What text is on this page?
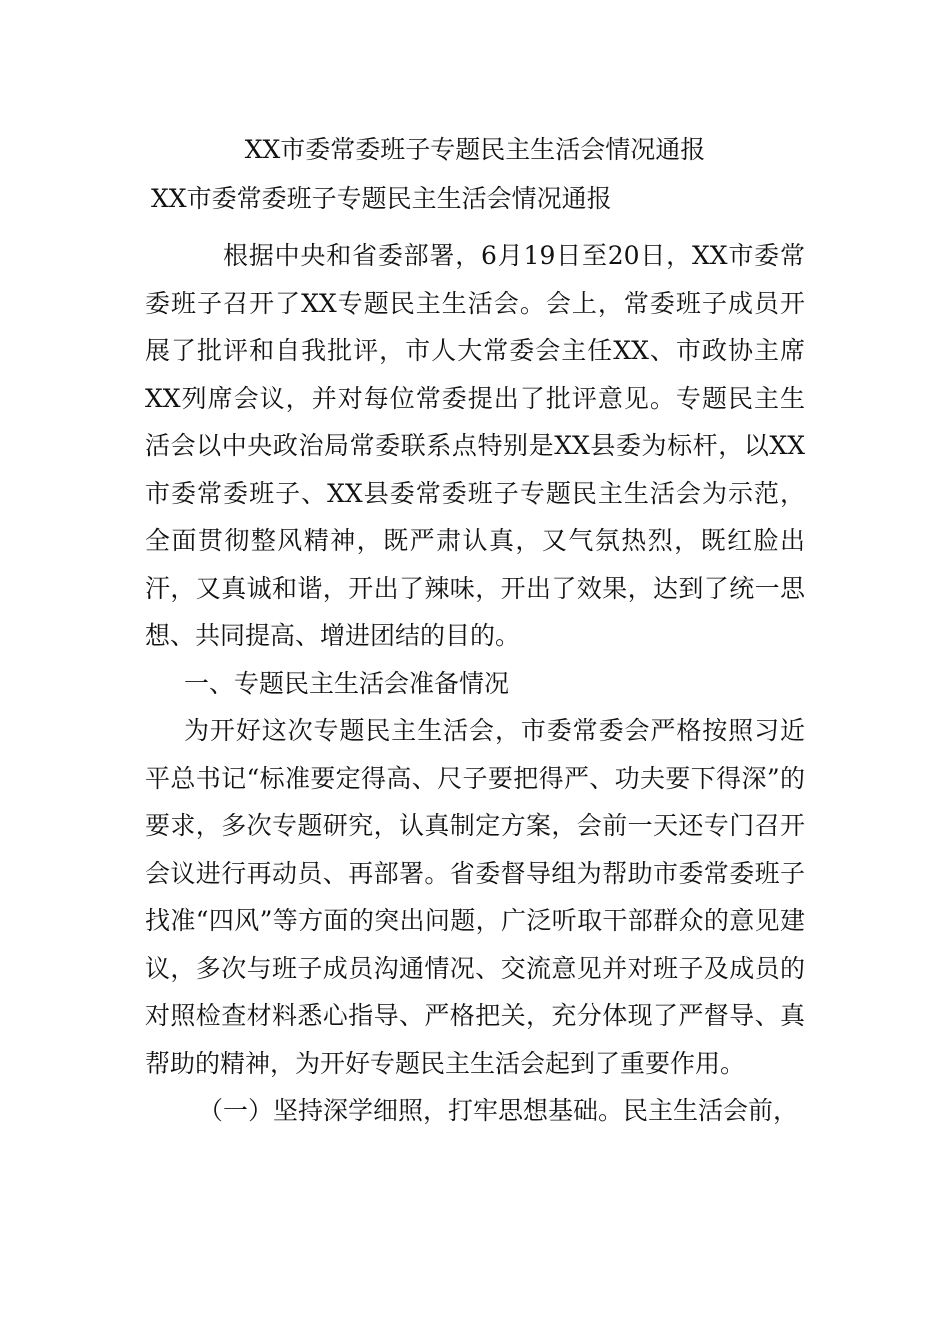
XX市委常委班子专题民主生活会情况通报
XX市委常委班子专题民主生活会情况通报

根据中央和省委部署，6月19日至20日，XX市委常委班子召开了XX专题民主生活会。会上，常委班子成员开展了批评和自我批评，市人大常委会主任XX、市政协主席XX列席会议，并对每位常委提出了批评意见。专题民主生活会以中央政治局常委联系点特别是XX县委为标杆，以XX市委常委班子、XX县委常委班子专题民主生活会为示范，全面贯彻整风精神，既严肃认真，又气氛热烈，既红脸出汗，又真诚和谐，开出了辣味，开出了效果，达到了统一思想、共同提高、增进团结的目的。

一、专题民主生活会准备情况

为开好这次专题民主生活会，市委常委会严格按照习近平总书记“标准要定得高、尺子要把得严、功夫要下得深”的要求，多次专题研究，认真制定方案，会前一天还专门召开会议进行再动员、再部署。省委督导组为帮助市委常委班子找准“四风”等方面的突出问题，广泛听取干部群众的意见建议，多次与班子成员沟通情况、交流意见并对班子及成员的对照检查材料悉心指导、严格把关，充分体现了严督导、真帮助的精神，为开好专题民主生活会起到了重要作用。

（一）坚持深学细照，打牢思想基础。民主生活会前，
